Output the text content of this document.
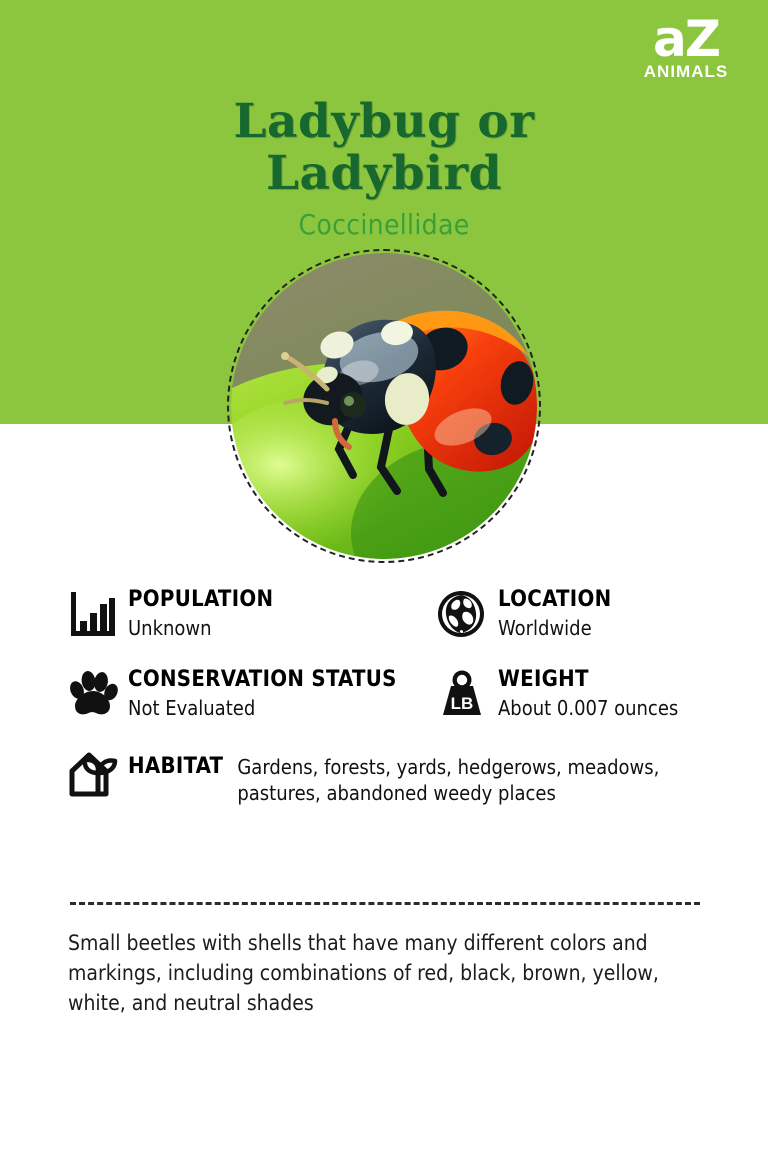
aZ
ANIMALS
Ladybug or
Ladybird
Coccinellidae
POPULATION
Unknown
LOCATION
Worldwide
CONSERVATION STATUS
Not Evaluated	LB
WEIGHT
About 0.007 ounces
HABITAT Gardens, forests, yards, hedgerows, meadows, pastures, abandoned weedy places
Small beetles with shells that have many different colors and markings, including combinations of red, black, brown, yellow, white, and neutral shades
